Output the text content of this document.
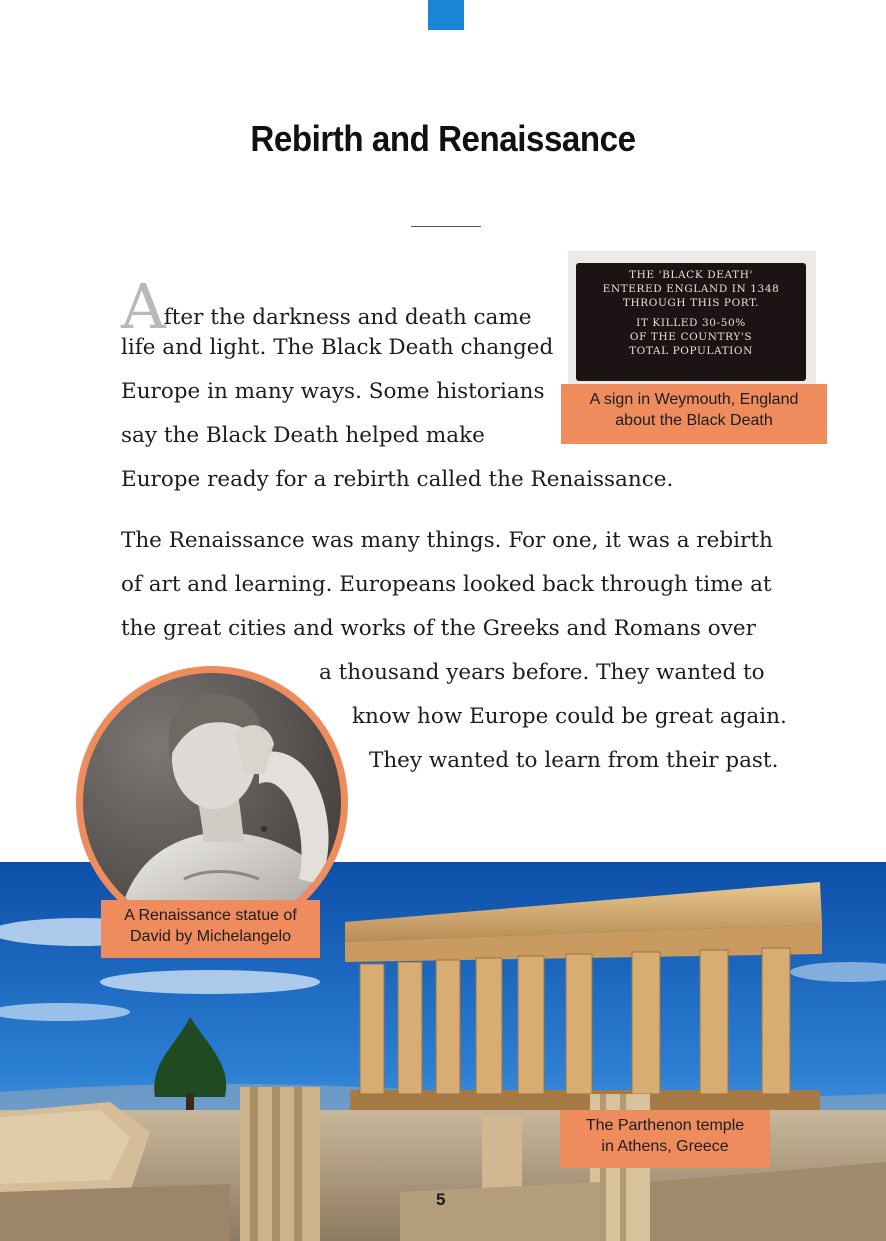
Rebirth and Renaissance
After the darkness and death came
life and light. The Black Death changed
Europe in many ways. Some historians
say the Black Death helped make
Europe ready for a rebirth called the Renaissance.
The Renaissance was many things. For one, it was a rebirth
of art and learning. Europeans looked back through time at
the great cities and works of the Greeks and Romans over
a thousand years before. They wanted to
know how Europe could be great again.
They wanted to learn from their past.
THE 'BLACK DEATH'
ENTERED ENGLAND IN 1348
THROUGH THIS PORT.
IT KILLED 30-50%
OF THE COUNTRY'S
TOTAL POPULATION
A sign in Weymouth, England
about the Black Death
The Parthenon temple
in Athens, Greece
A Renaissance statue of
David by Michelangelo
5
